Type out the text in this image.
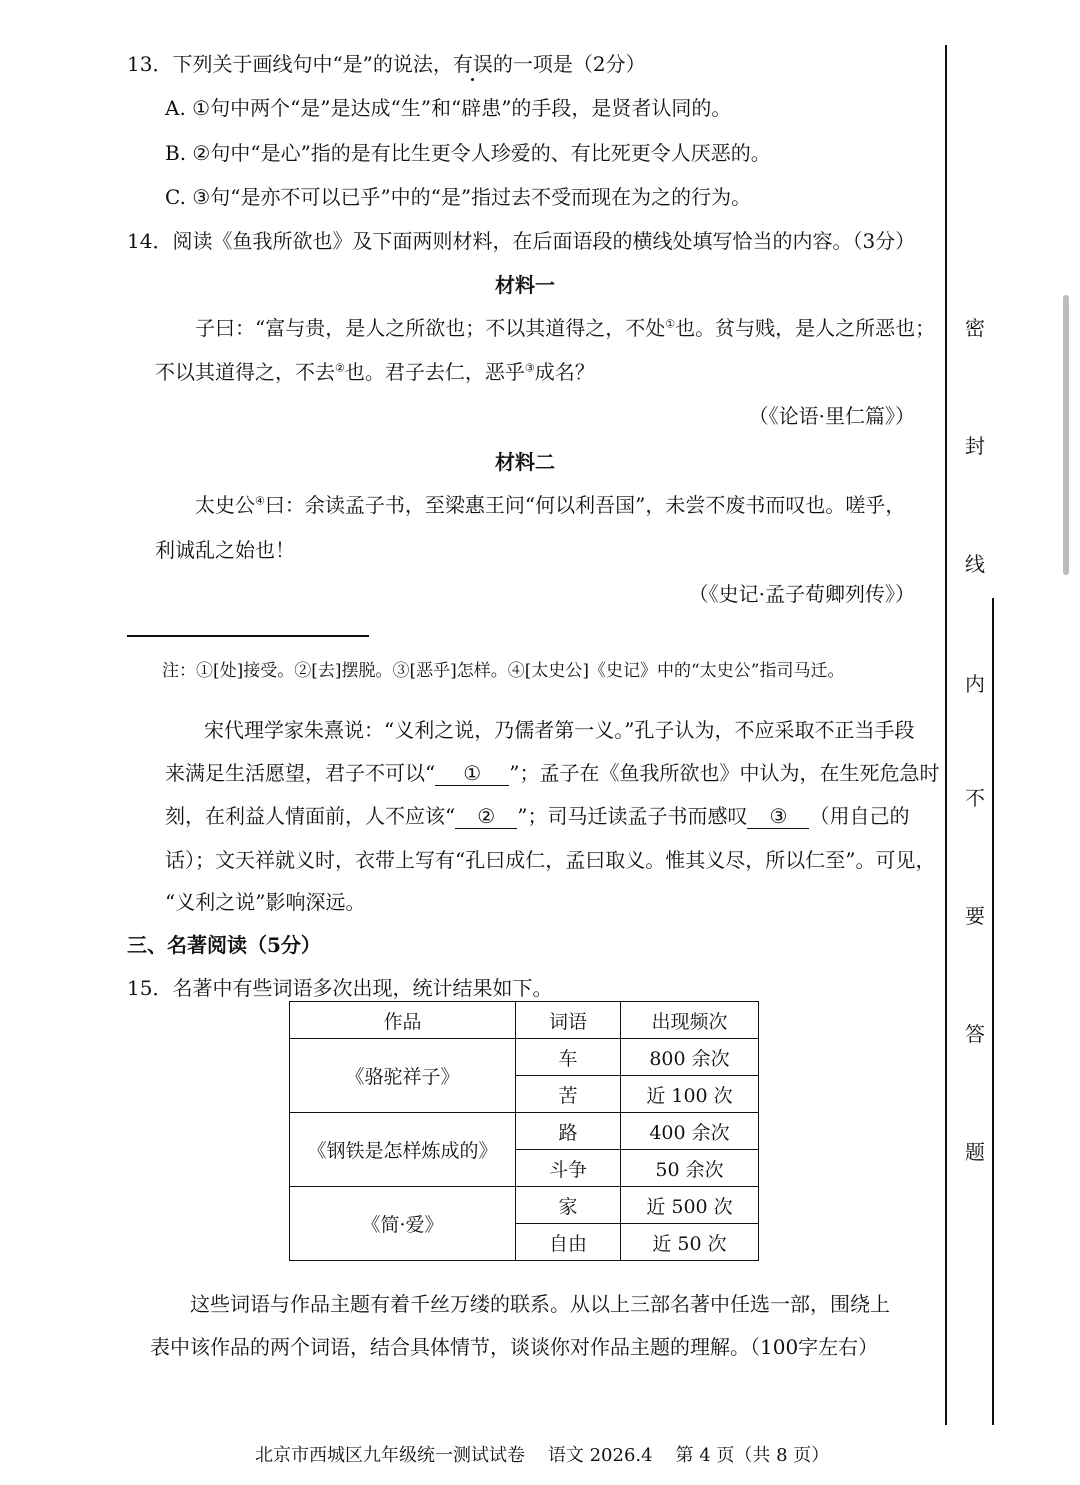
13．下列关于画线句中“是”的说法，有误的一项是（2分）
A. ①句中两个“是”是达成“生”和“辟患”的手段，是贤者认同的。
B. ②句中“是心”指的是有比生更令人珍爱的、有比死更令人厌恶的。
C. ③句“是亦不可以已乎”中的“是”指过去不受而现在为之的行为。
14．阅读《鱼我所欲也》及下面两则材料，在后面语段的横线处填写恰当的内容。（3分）
材料一
子曰：“富与贵，是人之所欲也；不以其道得之，不处①也。贫与贱，是人之所恶也；
不以其道得之，不去②也。君子去仁，恶乎③成名？
（《论语·里仁篇》）
材料二
太史公④曰：余读孟子书，至梁惠王问“何以利吾国”，未尝不废书而叹也。嗟乎，
利诚乱之始也！
（《史记·孟子荀卿列传》）
注：①[处]接受。②[去]摆脱。③[恶乎]怎样。④[太史公]《史记》中的“太史公”指司马迁。
宋代理学家朱熹说：“义利之说，乃儒者第一义。”孔子认为，不应采取不正当手段
来满足生活愿望，君子不可以“ ① ”；孟子在《鱼我所欲也》中认为，在生死危急时
刻，在利益人情面前，人不应该“ ② ”；司马迁读孟子书而感叹 ③ （用自己的
话）；文天祥就义时，衣带上写有“孔曰成仁，孟曰取义。惟其义尽，所以仁至”。可见，
“义利之说”影响深远。
三、名著阅读（5分）
15．名著中有些词语多次出现，统计结果如下。
作品	词语	出现频次
《骆驼祥子》	车	800 余次
	苦	近 100 次
《钢铁是怎样炼成的》	路	400 余次
	斗争	50 余次
《简·爱》	家	近 500 次
	自由	近 50 次
这些词语与作品主题有着千丝万缕的联系。从以上三部名著中任选一部，围绕上
表中该作品的两个词语，结合具体情节，谈谈你对作品主题的理解。（100字左右）
北京市西城区九年级统一测试试卷    语文 2026.4    第 4 页（共 8 页）
密
封
线
内
不
要
答
题
